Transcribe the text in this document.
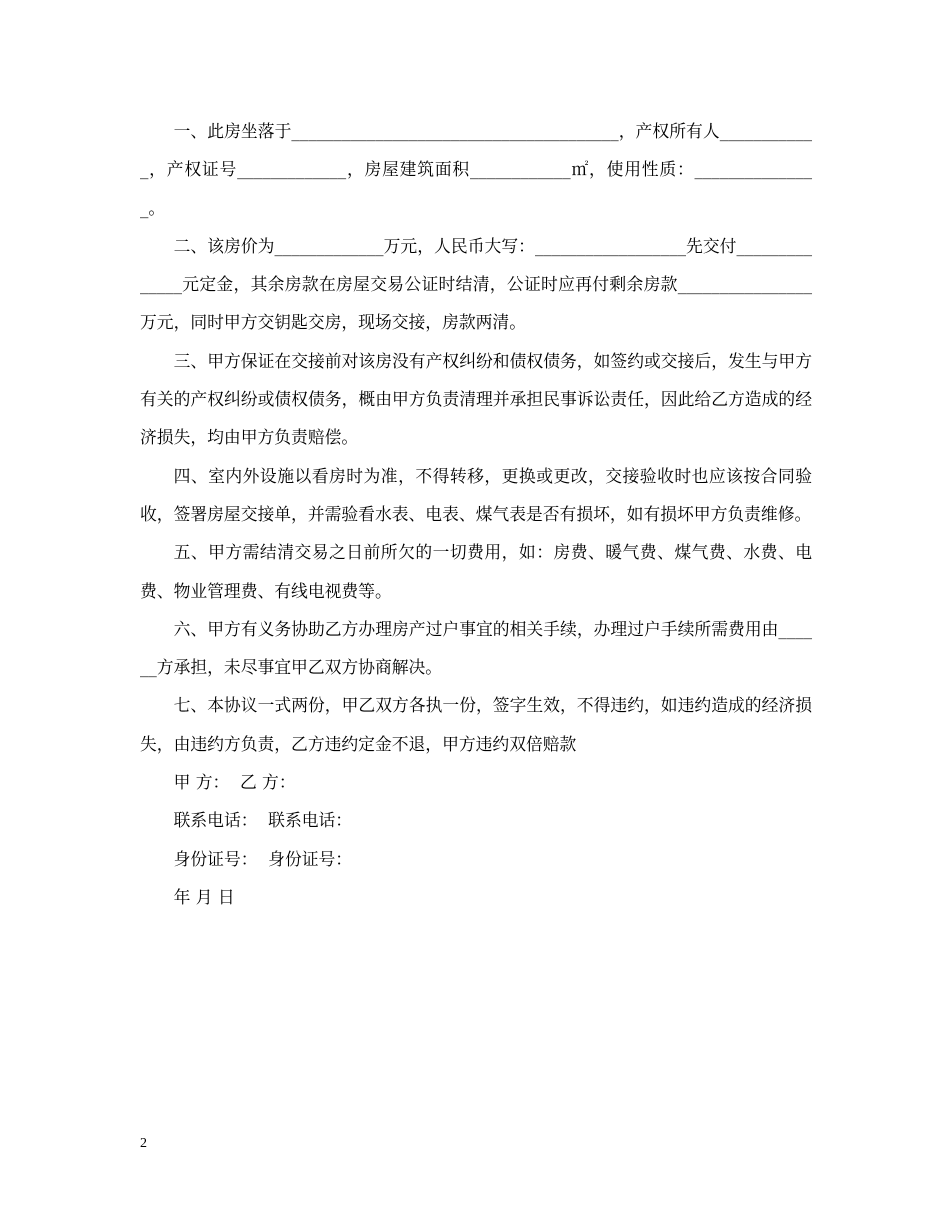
一、此房坐落于_______________________________________，产权所有人____________，产权证号_____________，房屋建筑面积____________㎡，使用性质：_______________。

二、该房价为_____________万元，人民币大写：__________________先交付______________元定金，其余房款在房屋交易公证时结清，公证时应再付剩余房款________________万元，同时甲方交钥匙交房，现场交接，房款两清。

三、甲方保证在交接前对该房没有产权纠纷和债权债务，如签约或交接后，发生与甲方有关的产权纠纷或债权债务，概由甲方负责清理并承担民事诉讼责任，因此给乙方造成的经济损失，均由甲方负责赔偿。

四、室内外设施以看房时为准，不得转移，更换或更改，交接验收时也应该按合同验收，签署房屋交接单，并需验看水表、电表、煤气表是否有损坏，如有损坏甲方负责维修。

五、甲方需结清交易之日前所欠的一切费用，如：房费、暖气费、煤气费、水费、电费、物业管理费、有线电视费等。

六、甲方有义务协助乙方办理房产过户事宜的相关手续，办理过户手续所需费用由______方承担，未尽事宜甲乙双方协商解决。

七、本协议一式两份，甲乙双方各执一份，签字生效，不得违约，如违约造成的经济损失，由违约方负责，乙方违约定金不退，甲方违约双倍赔款

甲 方：  乙 方：

联系电话：  联系电话：

身份证号：  身份证号：

年 月 日

2
